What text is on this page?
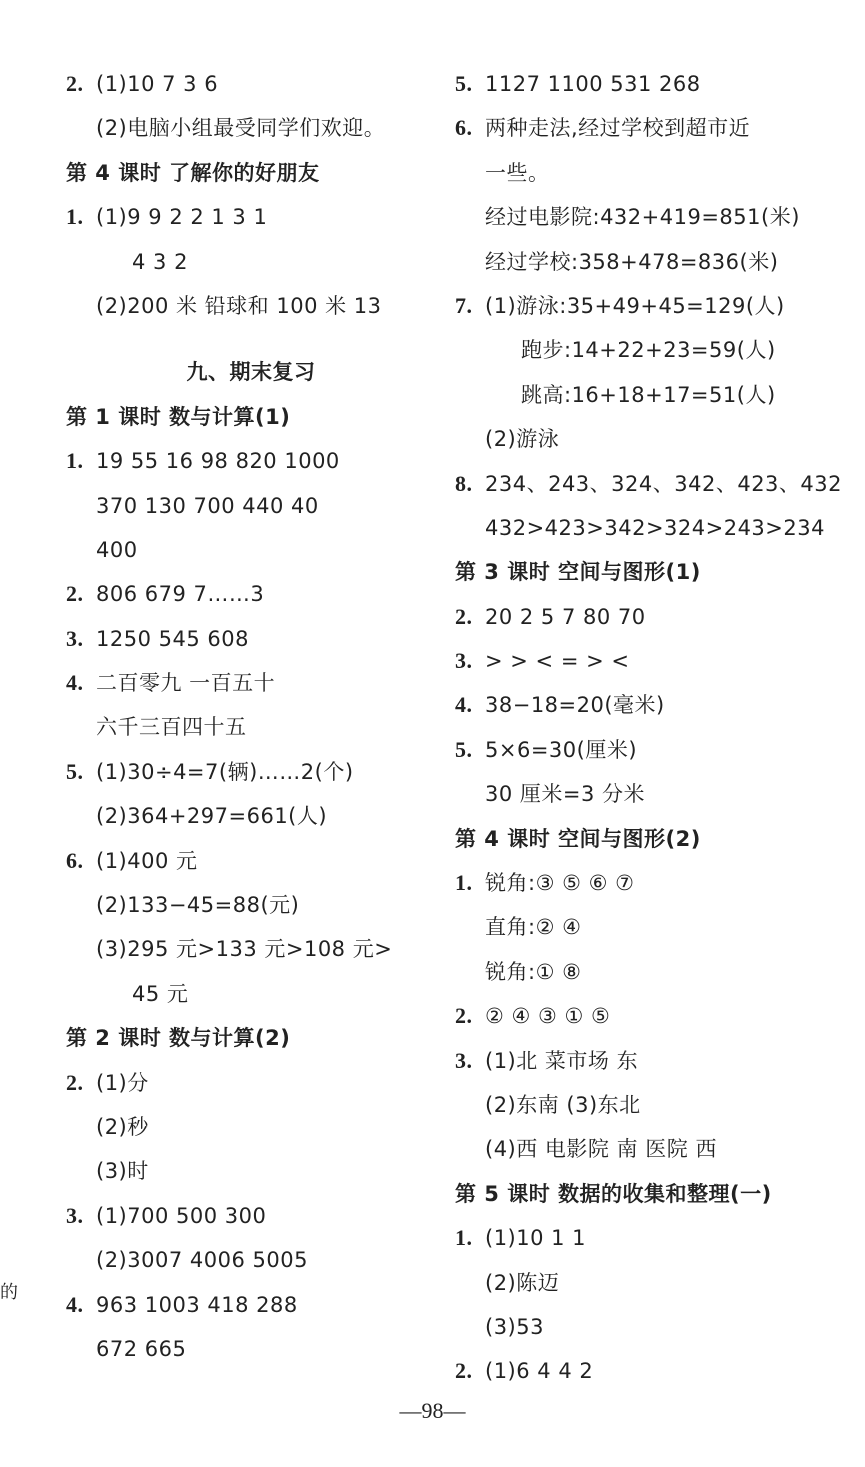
2. (1)10 7 3 6
(2)电脑小组最受同学们欢迎。
第 4 课时 了解你的好朋友
1. (1)9 9 2 2 1 3 1
4 3 2
(2)200 米 铅球和 100 米 13
九、期末复习
第 1 课时 数与计算(1)
1. 19 55 16 98 820 1000
370 130 700 440 40
400
2. 806 679 7……3
3. 1250 545 608
4. 二百零九 一百五十
六千三百四十五
5. (1)30÷4=7(辆)……2(个)
(2)364+297=661(人)
6. (1)400 元
(2)133−45=88(元)
(3)295 元>133 元>108 元>
45 元
第 2 课时 数与计算(2)
2. (1)分
(2)秒
(3)时
3. (1)700 500 300
(2)3007 4006 5005
4. 963 1003 418 288
672 665
5. 1127 1100 531 268
6. 两种走法,经过学校到超市近
一些。
经过电影院:432+419=851(米)
经过学校:358+478=836(米)
7. (1)游泳:35+49+45=129(人)
跑步:14+22+23=59(人)
跳高:16+18+17=51(人)
(2)游泳
8. 234、243、324、342、423、432
432>423>342>324>243>234
第 3 课时 空间与图形(1)
2. 20 2 5 7 80 70
3. > > < = > <
4. 38−18=20(毫米)
5. 5×6=30(厘米)
30 厘米=3 分米
第 4 课时 空间与图形(2)
1. 锐角:③ ⑤ ⑥ ⑦
直角:② ④
锐角:① ⑧
2. ② ④ ③ ① ⑤
3. (1)北 菜市场 东
(2)东南 (3)东北
(4)西 电影院 南 医院 西
第 5 课时 数据的收集和整理(一)
1. (1)10 1 1
(2)陈迈
(3)53
2. (1)6 4 4 2
的
—98—
